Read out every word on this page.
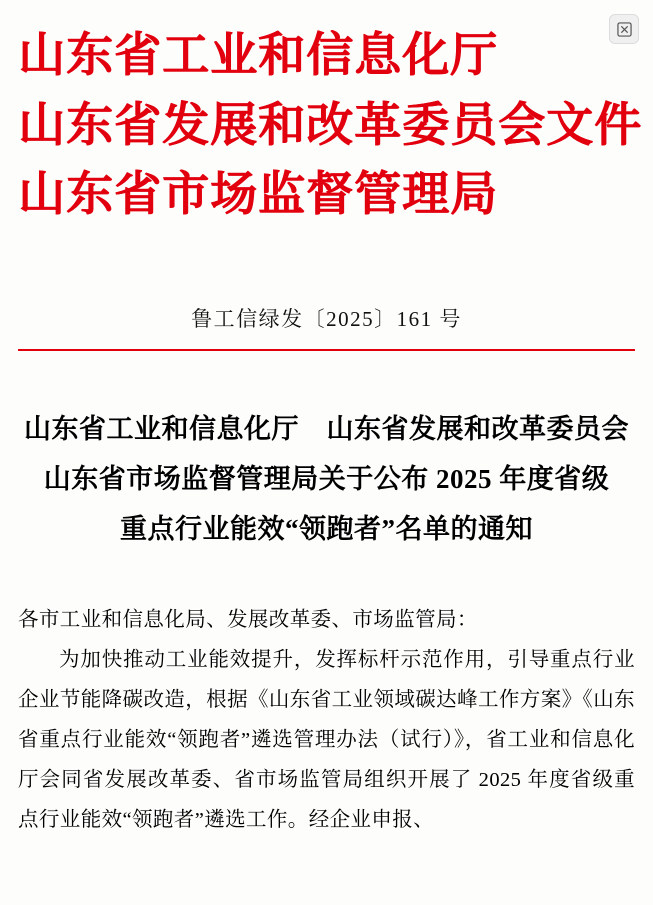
山东省工业和信息化厅
山东省发展和改革委员会文件
山东省市场监督管理局
鲁工信绿发〔2025〕161 号
山东省工业和信息化厅　山东省发展和改革委员会
山东省市场监督管理局关于公布 2025 年度省级
重点行业能效“领跑者”名单的通知
各市工业和信息化局、发展改革委、市场监管局：
为加快推动工业能效提升，发挥标杆示范作用，引导重点行业企业节能降碳改造，根据《山东省工业领域碳达峰工作方案》《山东省重点行业能效“领跑者”遴选管理办法（试行）》，省工业和信息化厅会同省发展改革委、省市场监管局组织开展了 2025 年度省级重点行业能效“领跑者”遴选工作。经企业申报、
